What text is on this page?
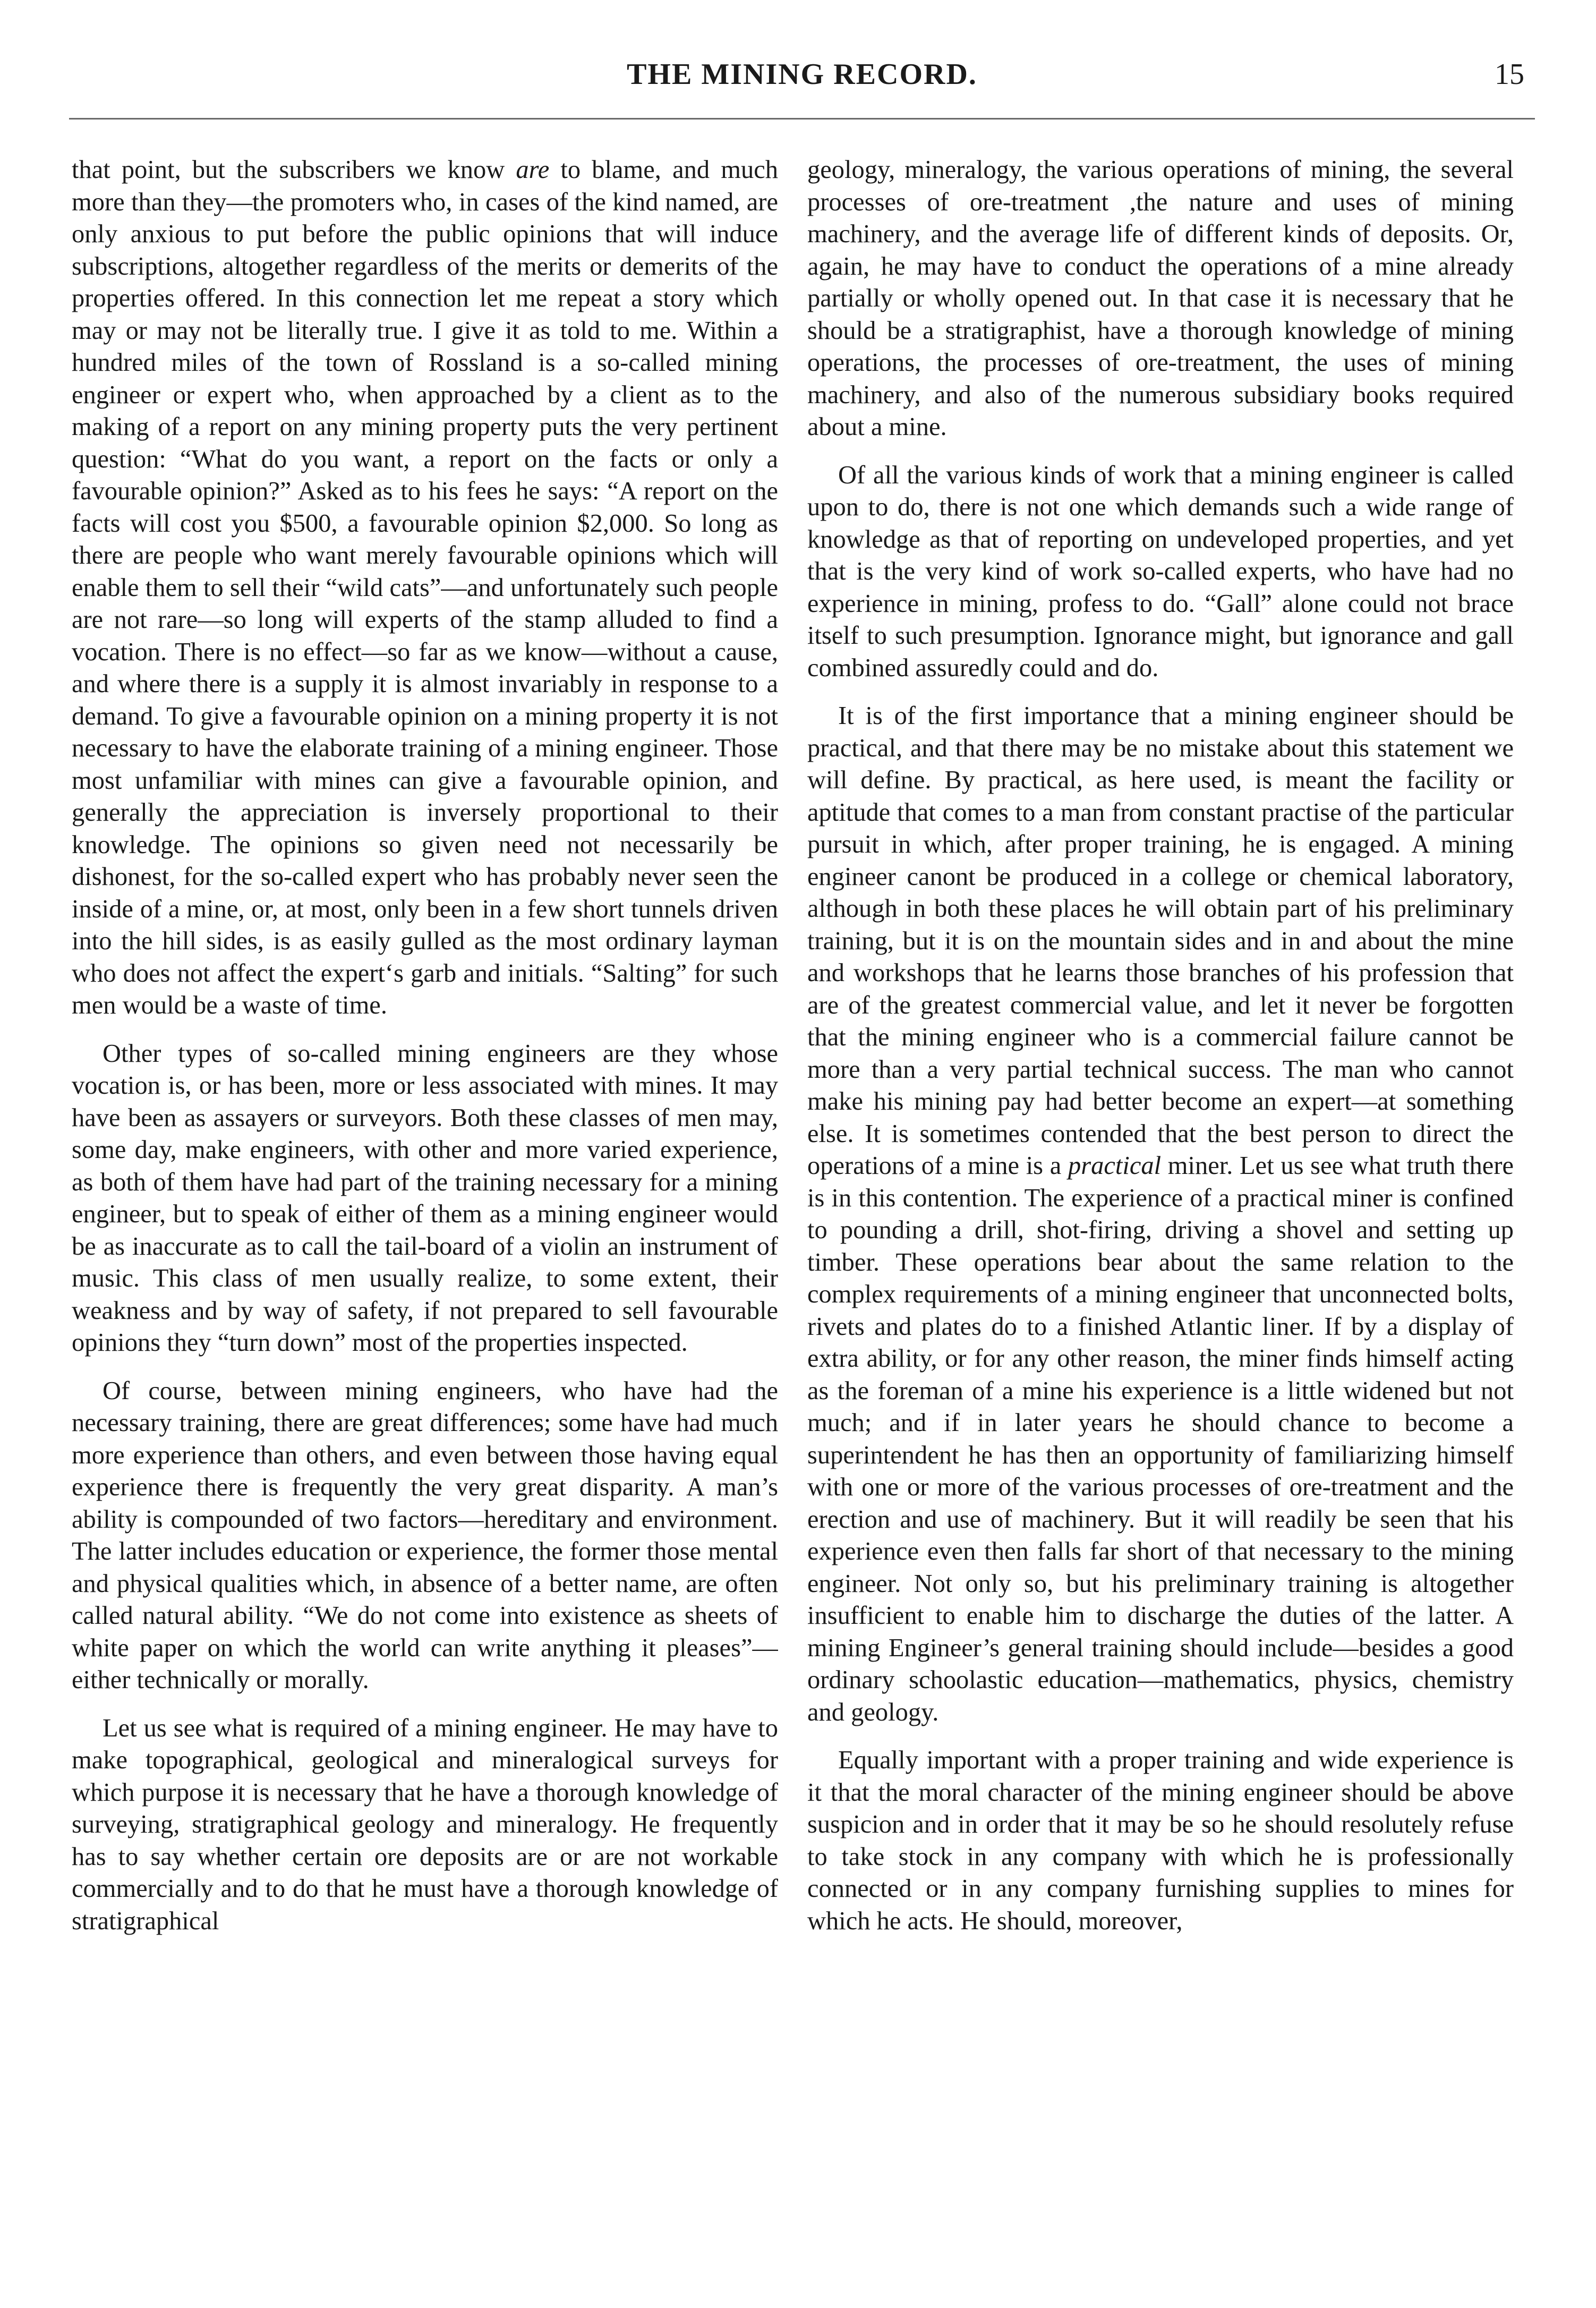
THE MINING RECORD.	15

that point, but the subscribers we know are to blame, and much more than they—the promoters who, in cases of the kind named, are only anxious to put before the public opinions that will induce subscriptions, altogether regardless of the merits or demerits of the properties offered. In this connection let me repeat a story which may or may not be literally true. I give it as told to me. Within a hundred miles of the town of Rossland is a so-called mining engineer or expert who, when approached by a client as to the making of a report on any mining property puts the very pertinent question: “What do you want, a report on the facts or only a favourable opinion?” Asked as to his fees he says: “A report on the facts will cost you $500, a favourable opinion $2,000. So long as there are people who want merely favourable opinions which will enable them to sell their “wild cats”—and unfortunately such people are not rare—so long will experts of the stamp alluded to find a vocation. There is no effect—so far as we know—without a cause, and where there is a supply it is almost invariably in response to a demand. To give a favourable opinion on a mining property it is not necessary to have the elaborate training of a mining engineer. Those most unfamiliar with mines can give a favourable opinion, and generally the appreciation is inversely proportional to their knowledge. The opinions so given need not necessarily be dishonest, for the so-called expert who has probably never seen the inside of a mine, or, at most, only been in a few short tunnels driven into the hill sides, is as easily gulled as the most ordinary layman who does not affect the expert‘s garb and initials. “Salting” for such men would be a waste of time.

Other types of so-called mining engineers are they whose vocation is, or has been, more or less associated with mines. It may have been as assayers or surveyors. Both these classes of men may, some day, make engineers, with other and more varied experience, as both of them have had part of the training necessary for a mining engineer, but to speak of either of them as a mining engineer would be as inaccurate as to call the tail-board of a violin an instrument of music. This class of men usually realize, to some extent, their weakness and by way of safety, if not prepared to sell favourable opinions they “turn down” most of the properties inspected.

Of course, between mining engineers, who have had the necessary training, there are great differences; some have had much more experience than others, and even between those having equal experience there is frequently the very great disparity. A man’s ability is compounded of two factors—hereditary and environment. The latter includes education or experience, the former those mental and physical qualities which, in absence of a better name, are often called natural ability. “We do not come into existence as sheets of white paper on which the world can write anything it pleases”—either technically or morally.

Let us see what is required of a mining engineer. He may have to make topographical, geological and mineralogical surveys for which purpose it is necessary that he have a thorough knowledge of surveying, stratigraphical geology and mineralogy. He frequently has to say whether certain ore deposits are or are not workable commercially and to do that he must have a thorough knowledge of stratigraphical

geology, mineralogy, the various operations of mining, the several processes of ore-treatment ,the nature and uses of mining machinery, and the average life of different kinds of deposits. Or, again, he may have to conduct the operations of a mine already partially or wholly opened out. In that case it is necessary that he should be a stratigraphist, have a thorough knowledge of mining operations, the processes of ore-treatment, the uses of mining machinery, and also of the numerous subsidiary books required about a mine.

Of all the various kinds of work that a mining engineer is called upon to do, there is not one which demands such a wide range of knowledge as that of reporting on undeveloped properties, and yet that is the very kind of work so-called experts, who have had no experience in mining, profess to do. “Gall” alone could not brace itself to such presumption. Ignorance might, but ignorance and gall combined assuredly could and do.

It is of the first importance that a mining engineer should be practical, and that there may be no mistake about this statement we will define. By practical, as here used, is meant the facility or aptitude that comes to a man from constant practise of the particular pursuit in which, after proper training, he is engaged. A mining engineer canont be produced in a college or chemical laboratory, although in both these places he will obtain part of his preliminary training, but it is on the mountain sides and in and about the mine and workshops that he learns those branches of his profession that are of the greatest commercial value, and let it never be forgotten that the mining engineer who is a commercial failure cannot be more than a very partial technical success. The man who cannot make his mining pay had better become an expert—at something else. It is sometimes contended that the best person to direct the operations of a mine is a practical miner. Let us see what truth there is in this contention. The experience of a practical miner is confined to pounding a drill, shot-firing, driving a shovel and setting up timber. These operations bear about the same relation to the complex requirements of a mining engineer that unconnected bolts, rivets and plates do to a finished Atlantic liner. If by a display of extra ability, or for any other reason, the miner finds himself acting as the foreman of a mine his experience is a little widened but not much; and if in later years he should chance to become a superintendent he has then an opportunity of familiarizing himself with one or more of the various processes of ore-treatment and the erection and use of machinery. But it will readily be seen that his experience even then falls far short of that necessary to the mining engineer. Not only so, but his preliminary training is altogether insufficient to enable him to discharge the duties of the latter. A mining Engineer’s general training should include—besides a good ordinary schoolastic education—mathematics, physics, chemistry and geology.

Equally important with a proper training and wide experience is it that the moral character of the mining engineer should be above suspicion and in order that it may be so he should resolutely refuse to take stock in any company with which he is professionally connected or in any company furnishing supplies to mines for which he acts. He should, moreover,
